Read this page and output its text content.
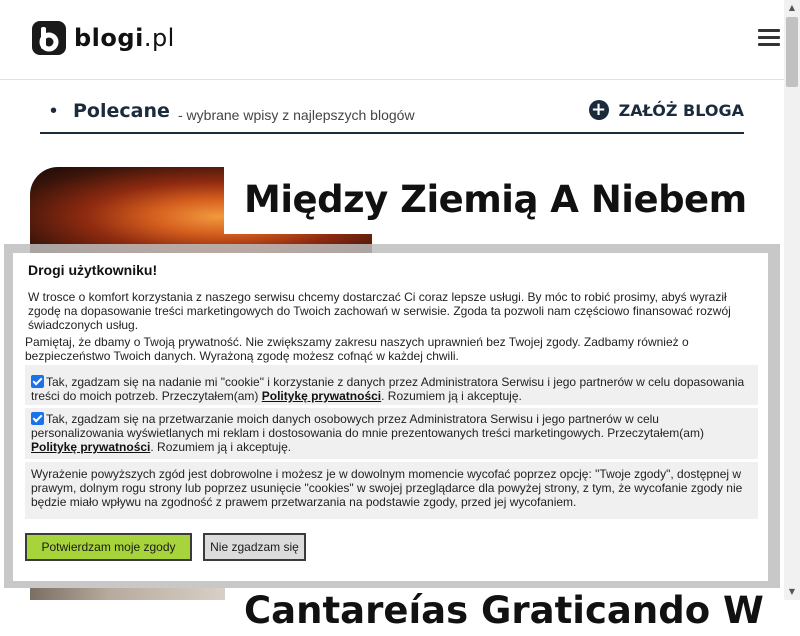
blogi.pl
▲
▼
• Polecane - wybrane wpisy z najlepszych blogów	+ ZAŁÓŻ BLOGA
Między Ziemią A Niebem
Cantareías Graticando W
Drogi użytkowniku!
W trosce o komfort korzystania z naszego serwisu chcemy dostarczać Ci coraz lepsze usługi. By móc to robić prosimy, abyś wyraził zgodę na dopasowanie treści marketingowych do Twoich zachowań w serwisie. Zgoda ta pozwoli nam częściowo finansować rozwój świadczonych usług.
Pamiętaj, że dbamy o Twoją prywatność. Nie zwiększamy zakresu naszych uprawnień bez Twojej zgody. Zadbamy również o bezpieczeństwo Twoich danych. Wyrażoną zgodę możesz cofnąć w każdej chwili.
Tak, zgadzam się na nadanie mi "cookie" i korzystanie z danych przez Administratora Serwisu i jego partnerów w celu dopasowania treści do moich potrzeb. Przeczytałem(am) Politykę prywatności. Rozumiem ją i akceptuję.
Tak, zgadzam się na przetwarzanie moich danych osobowych przez Administratora Serwisu i jego partnerów w celu personalizowania wyświetlanych mi reklam i dostosowania do mnie prezentowanych treści marketingowych. Przeczytałem(am) Politykę prywatności. Rozumiem ją i akceptuję.
Wyrażenie powyższych zgód jest dobrowolne i możesz je w dowolnym momencie wycofać poprzez opcję: "Twoje zgody", dostępnej w prawym, dolnym rogu strony lub poprzez usunięcie "cookies" w swojej przeglądarce dla powyżej strony, z tym, że wycofanie zgody nie będzie miało wpływu na zgodność z prawem przetwarzania na podstawie zgody, przed jej wycofaniem.
Potwierdzam moje zgody	Nie zgadzam się
